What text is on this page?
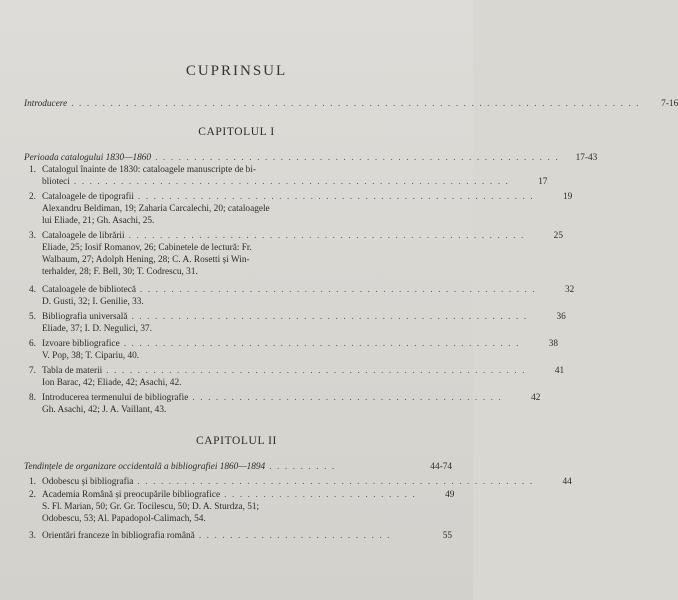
CUPRINSUL
Introducere . . . . . . . . . . . . . . . . . . . . . . . . . . . . . . . . . . . . . . . . . . . . . . . . . . . . . . . . . . . . . . . . . . . . . . . . .	7-16
CAPITOLUL I
Perioada catalogului 1830—1860 . . . . . . . . . . . . . . . . . . . . . . . . . . . . . . . . . . . . . . . . . . . . . . . . . . . .	17-43
1. Catalogul înainte de 1830: cataloagele manuscripte de bi-
blioteci . . . . . . . . . . . . . . . . . . . . . . . . . . . . . . . . . . . . . . . . . . . . . . . . . . . . . . . .	17
2. Cataloagele de tipografii . . . . . . . . . . . . . . . . . . . . . . . . . . . . . . . . . . . . . . . . . . . . . . . . . . .	19
Alexandru Beldiman, 19; Zaharia Carcalechi, 20; cataloagele
lui Eliade, 21; Gh. Asachi, 25.
3. Cataloagele de librării . . . . . . . . . . . . . . . . . . . . . . . . . . . . . . . . . . . . . . . . . . . . . . . . . . .	25
Eliade, 25; Iosif Romanov, 26; Cabinetele de lectură: Fr.
Walbaum, 27; Adolph Hening, 28; C. A. Rosetti și Win-
terhalder, 28; F. Bell, 30; T. Codrescu, 31.
4. Cataloagele de bibliotecă . . . . . . . . . . . . . . . . . . . . . . . . . . . . . . . . . . . . . . . . . . . . . . . . . . .	32
D. Gusti, 32; I. Genilie, 33.
5. Bibliografia universală . . . . . . . . . . . . . . . . . . . . . . . . . . . . . . . . . . . . . . . . . . . . . . . . . . .	36
Eliade, 37; I. D. Negulici, 37.
6. Izvoare bibliografice . . . . . . . . . . . . . . . . . . . . . . . . . . . . . . . . . . . . . . . . . . . . . . . . . . .	38
V. Pop, 38; T. Cipariu, 40.
7. Tabla de materii . . . . . . . . . . . . . . . . . . . . . . . . . . . . . . . . . . . . . . . . . . . . . . . . . . . . . .	41
Ion Barac, 42; Eliade, 42; Asachi, 42.
8. Introducerea termenului de bibliografie . . . . . . . . . . . . . . . . . . . . . . . . . . . . . . . . . . . . . . . .	42
Gh. Asachi, 42; J. A. Vaillant, 43.
CAPITOLUL II
Tendințele de organizare occidentală a bibliografiei 1860—1894 . . . . . . . . .	44-74
1. Odobescu și bibliografia . . . . . . . . . . . . . . . . . . . . . . . . . . . . . . . . . . . . . . . . . . . . . . . . . . .	44
2. Academia Română și preocupările bibliografice . . . . . . . . . . . . . . . . . . . . . . . . .	49
S. Fl. Marian, 50; Gr. Gr. Tocilescu, 50; D. A. Sturdza, 51;
Odobescu, 53; Al. Papadopol-Calimach, 54.
3. Orientări franceze în bibliografia română . . . . . . . . . . . . . . . . . . . . . . . . .	55
